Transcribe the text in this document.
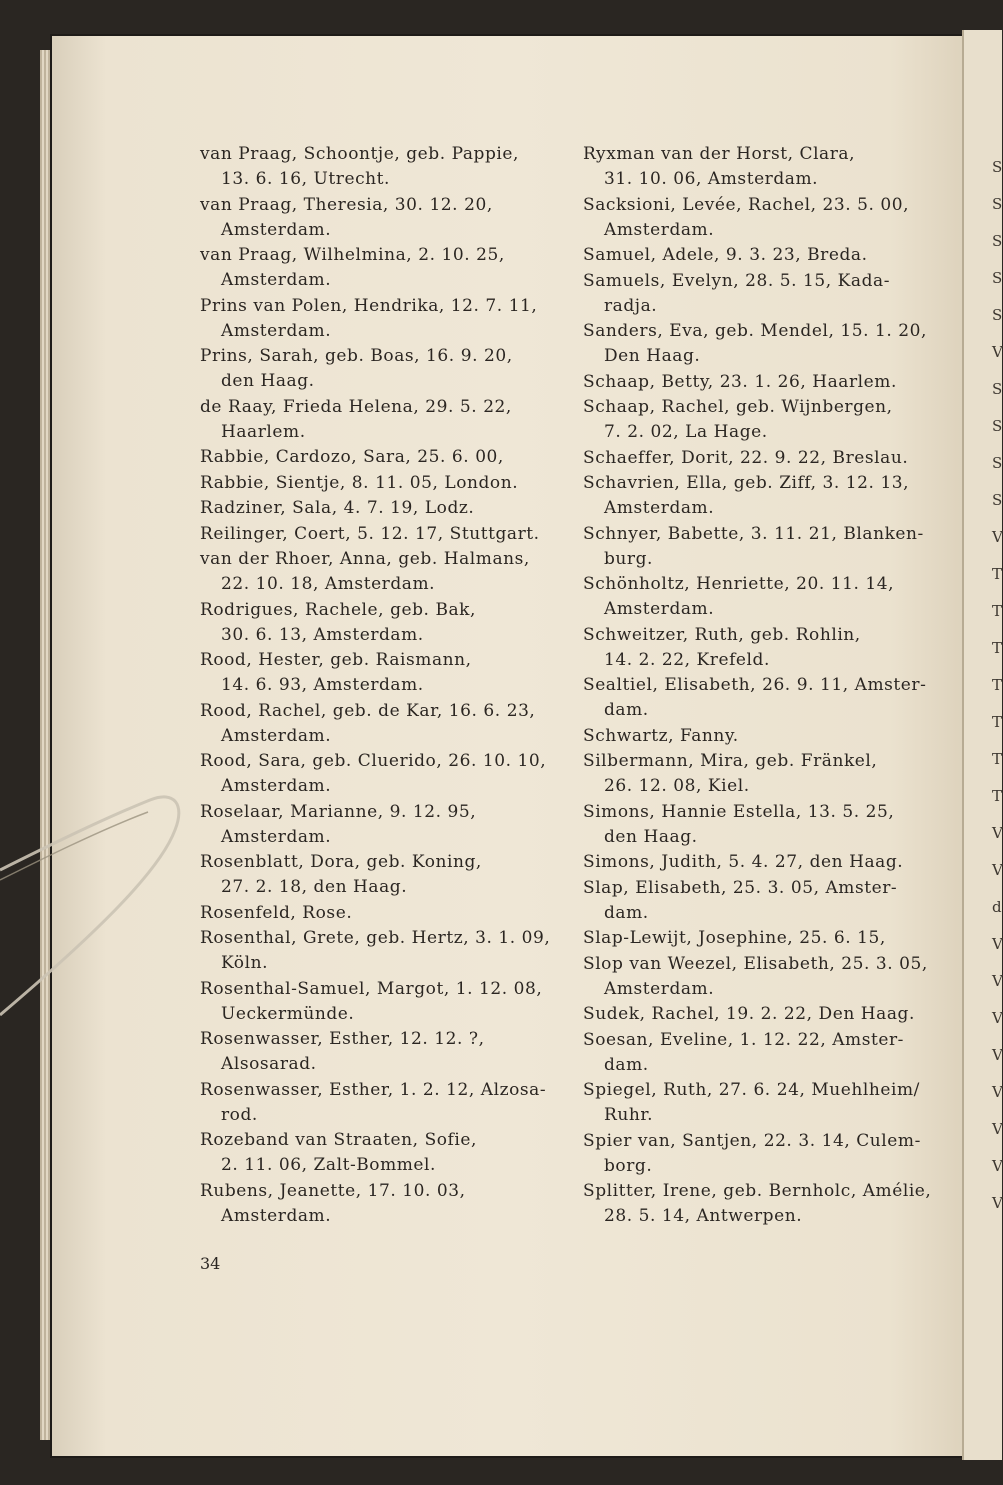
S
S
S
S
S
V
S
S
S
S
V
T
T
T
T
T
T
T
V
V
d
V
V
V
V
V
V
V
V
van Praag, Schoontje, geb. Pappie,
13. 6. 16, Utrecht.
van Praag, Theresia, 30. 12. 20,
Amsterdam.
van Praag, Wilhelmina, 2. 10. 25,
Amsterdam.
Prins van Polen, Hendrika, 12. 7. 11,
Amsterdam.
Prins, Sarah, geb. Boas, 16. 9. 20,
den Haag.
de Raay, Frieda Helena, 29. 5. 22,
Haarlem.
Rabbie, Cardozo, Sara, 25. 6. 00,
Rabbie, Sientje, 8. 11. 05, London.
Radziner, Sala, 4. 7. 19, Lodz.
Reilinger, Coert, 5. 12. 17, Stuttgart.
van der Rhoer, Anna, geb. Halmans,
22. 10. 18, Amsterdam.
Rodrigues, Rachele, geb. Bak,
30. 6. 13, Amsterdam.
Rood, Hester, geb. Raismann,
14. 6. 93, Amsterdam.
Rood, Rachel, geb. de Kar, 16. 6. 23,
Amsterdam.
Rood, Sara, geb. Cluerido, 26. 10. 10,
Amsterdam.
Roselaar, Marianne, 9. 12. 95,
Amsterdam.
Rosenblatt, Dora, geb. Koning,
27. 2. 18, den Haag.
Rosenfeld, Rose.
Rosenthal, Grete, geb. Hertz, 3. 1. 09,
Köln.
Rosenthal-Samuel, Margot, 1. 12. 08,
Ueckermünde.
Rosenwasser, Esther, 12. 12. ?,
Alsosarad.
Rosenwasser, Esther, 1. 2. 12, Alzosa-
rod.
Rozeband van Straaten, Sofie,
2. 11. 06, Zalt-Bommel.
Rubens, Jeanette, 17. 10. 03,
Amsterdam.
Ryxman van der Horst, Clara,
31. 10. 06, Amsterdam.
Sacksioni, Levée, Rachel, 23. 5. 00,
Amsterdam.
Samuel, Adele, 9. 3. 23, Breda.
Samuels, Evelyn, 28. 5. 15, Kada-
radja.
Sanders, Eva, geb. Mendel, 15. 1. 20,
Den Haag.
Schaap, Betty, 23. 1. 26, Haarlem.
Schaap, Rachel, geb. Wijnbergen,
7. 2. 02, La Hage.
Schaeffer, Dorit, 22. 9. 22, Breslau.
Schavrien, Ella, geb. Ziff, 3. 12. 13,
Amsterdam.
Schnyer, Babette, 3. 11. 21, Blanken-
burg.
Schönholtz, Henriette, 20. 11. 14,
Amsterdam.
Schweitzer, Ruth, geb. Rohlin,
14. 2. 22, Krefeld.
Sealtiel, Elisabeth, 26. 9. 11, Amster-
dam.
Schwartz, Fanny.
Silbermann, Mira, geb. Fränkel,
26. 12. 08, Kiel.
Simons, Hannie Estella, 13. 5. 25,
den Haag.
Simons, Judith, 5. 4. 27, den Haag.
Slap, Elisabeth, 25. 3. 05, Amster-
dam.
Slap-Lewijt, Josephine, 25. 6. 15,
Slop van Weezel, Elisabeth, 25. 3. 05,
Amsterdam.
Sudek, Rachel, 19. 2. 22, Den Haag.
Soesan, Eveline, 1. 12. 22, Amster-
dam.
Spiegel, Ruth, 27. 6. 24, Muehlheim/
Ruhr.
Spier van, Santjen, 22. 3. 14, Culem-
borg.
Splitter, Irene, geb. Bernholc, Amélie,
28. 5. 14, Antwerpen.
34
